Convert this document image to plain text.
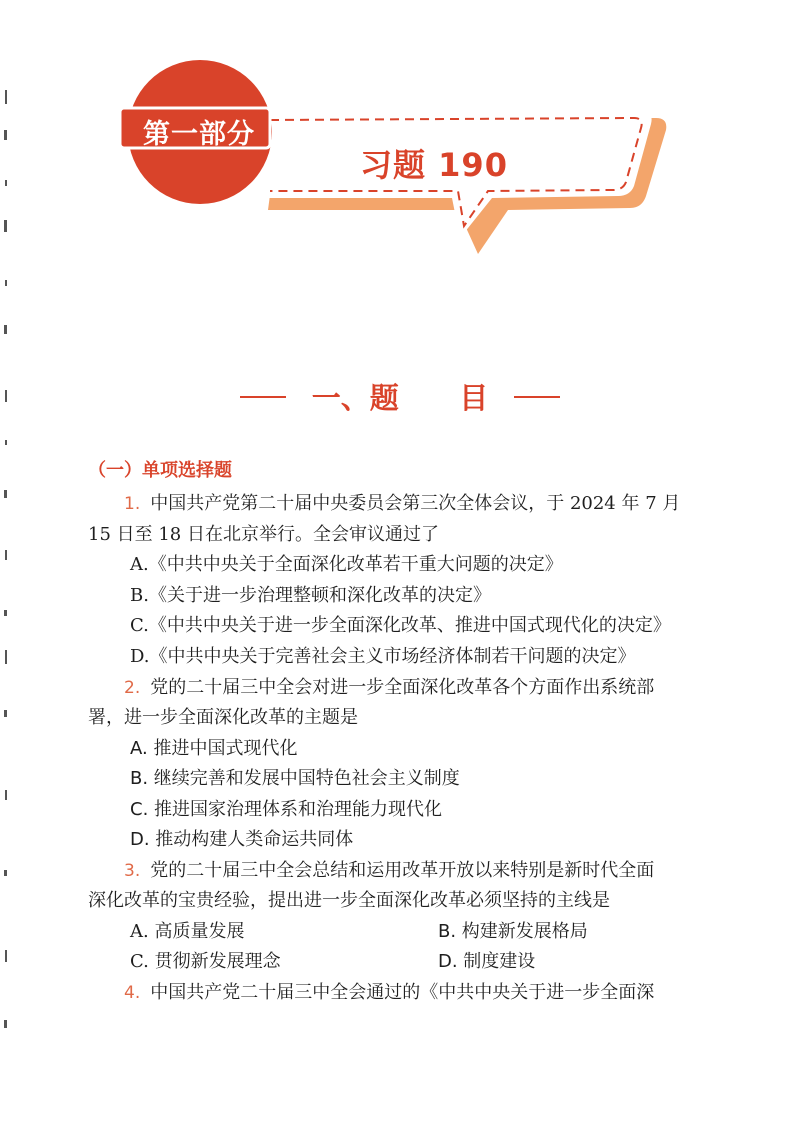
第一部分
习题 190
一、题      目
（一）单项选择题
1. 中国共产党第二十届中央委员会第三次全体会议，于 2024 年 7 月
15 日至 18 日在北京举行。全会审议通过了
A.《中共中央关于全面深化改革若干重大问题的决定》
B.《关于进一步治理整顿和深化改革的决定》
C.《中共中央关于进一步全面深化改革、推进中国式现代化的决定》
D.《中共中央关于完善社会主义市场经济体制若干问题的决定》
2. 党的二十届三中全会对进一步全面深化改革各个方面作出系统部
署，进一步全面深化改革的主题是
A. 推进中国式现代化
B. 继续完善和发展中国特色社会主义制度
C. 推进国家治理体系和治理能力现代化
D. 推动构建人类命运共同体
3. 党的二十届三中全会总结和运用改革开放以来特别是新时代全面
深化改革的宝贵经验，提出进一步全面深化改革必须坚持的主线是
A. 高质量发展	B. 构建新发展格局
C. 贯彻新发展理念	D. 制度建设
4. 中国共产党二十届三中全会通过的《中共中央关于进一步全面深
